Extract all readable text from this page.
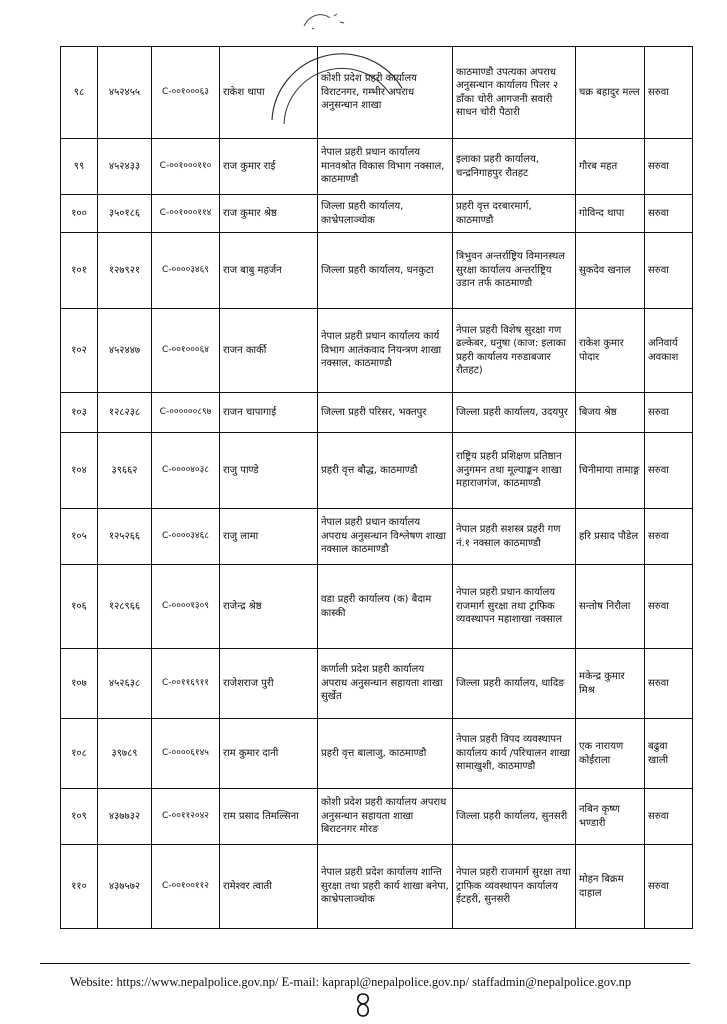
९८	४५२४५५	C-००१०००६३	राकेश थापा	कोशी प्रदेश प्रहरी कार्यालय विराटनगर, गम्भीर अपराध अनुसन्धान शाखा	काठमाण्डौ उपत्यका अपराध अनुसन्धान कार्यालय पिलर २ डाँका चोरी आगजनी सवारी साधन चोरी पैठारी	चक्र बहादुर मल्ल	सरुवा
९९	४५२४३३	C-००१०००११०	राज कुमार राई	नेपाल प्रहरी प्रधान कार्यालय मानवश्रोत विकास विभाग नक्साल, काठमाण्डौ	इलाका प्रहरी कार्यालय, चन्द्रनिगाहपुर रौतहट	गौरब महत	सरुवा
१००	३५०१८६	C-००१०००११४	राज कुमार श्रेष्ठ	जिल्ला प्रहरी कार्यालय, काभ्रेपलाञ्चोक	प्रहरी वृत्त दरबारमार्ग, काठमाण्डौ	गोविन्द थापा	सरुवा
१०१	१२७९२१	C-००००३४६९	राज बाबु महर्जन	जिल्ला प्रहरी कार्यालय, धनकुटा	त्रिभुवन अन्तर्राष्ट्रिय विमानस्थल सुरक्षा कार्यालय अन्तर्राष्ट्रिय उडान तर्फ काठमाण्डौ	सुकदेव खनाल	सरुवा
१०२	४५२४४७	C-००१०००६४	राजन कार्की	नेपाल प्रहरी प्रधान कार्यालय कार्य विभाग आतंकवाद नियन्त्रण शाखा नक्साल, काठमाण्डौ	नेपाल प्रहरी विशेष सुरक्षा गण ढल्केबर, धनुषा (काज: इलाका प्रहरी कार्यालय गरुडाबजार रौतहट)	राकेश कुमार पोदार	अनिवार्य अवकाश
१०३	१२८२३८	C-००००००८९७	राजन चापागाई	जिल्ला प्रहरी परिसर, भक्तपुर	जिल्ला प्रहरी कार्यालय, उदयपुर	बिजय श्रेष्ठ	सरुवा
१०४	३९६६२	C-००००४०३८	राजु पाण्डे	प्रहरी वृत्त बौद्ध, काठमाण्डौ	राष्ट्रिय प्रहरी प्रशिक्षण प्रतिष्ठान अनुगमन तथा मूल्याङ्कन शाखा महाराजगंज, काठमाण्डौ	चिनीमाया तामाङ्ग	सरुवा
१०५	१२५२६६	C-००००३४६८	राजु लामा	नेपाल प्रहरी प्रधान कार्यालय अपराध अनुसन्धान विश्लेषण शाखा नक्साल काठमाण्डौ	नेपाल प्रहरी सशस्त्र प्रहरी गण नं.१ नक्साल काठमाण्डौ	हरि प्रसाद पौडेल	सरुवा
१०६	१२८९६६	C-००००१३०९	राजेन्द्र श्रेष्ठ	वडा प्रहरी कार्यालय (क) बैदाम कास्की	नेपाल प्रहरी प्रधान कार्यालय राजमार्ग सुरक्षा तथा ट्राफिक व्यवस्थापन महाशाखा नक्साल	सन्तोष निरौला	सरुवा
१०७	४५२६३८	C-००११६९११	राजेशराज पुरी	कर्णाली प्रदेश प्रहरी कार्यालय अपराध अनुसन्धान सहायता शाखा सुर्खेत	जिल्ला प्रहरी कार्यालय, धादिङ	मकेन्द्र कुमार मिश्र	सरुवा
१०८	३९७८९	C-००००६१४५	राम कुमार दानी	प्रहरी वृत्त बालाजु, काठमाण्डौ	नेपाल प्रहरी विपद व्यवस्थापन कार्यालय कार्य /परिचालन शाखा सामाखुशी, काठमाण्डौ	एक नारायण कोईराला	बढुवा खाली
१०९	४३७७३२	C-००११२०४२	राम प्रसाद तिमल्सिना	कोशी प्रदेश प्रहरी कार्यालय अपराध अनुसन्धान सहायता शाखा बिराटनगर मोरङ	जिल्ला प्रहरी कार्यालय, सुनसरी	नबिन कृष्ण भण्डारी	सरुवा
११०	४३७५७२	C-००१००११२	रामेश्वर त्वाती	नेपाल प्रहरी प्रदेश कार्यालय शान्ति सुरक्षा तथा प्रहरी कार्य शाखा बनेपा, काभ्रेपलाञ्चोक	नेपाल प्रहरी राजमार्ग सुरक्षा तथा ट्राफिक व्यवस्थापन कार्यालय ईटहरी, सुनसरी	मोहन बिक्रम दाहाल	सरुवा
Website: https://www.nepalpolice.gov.np/ E-mail: kaprapl@nepalpolice.gov.np/ staffadmin@nepalpolice.gov.np
